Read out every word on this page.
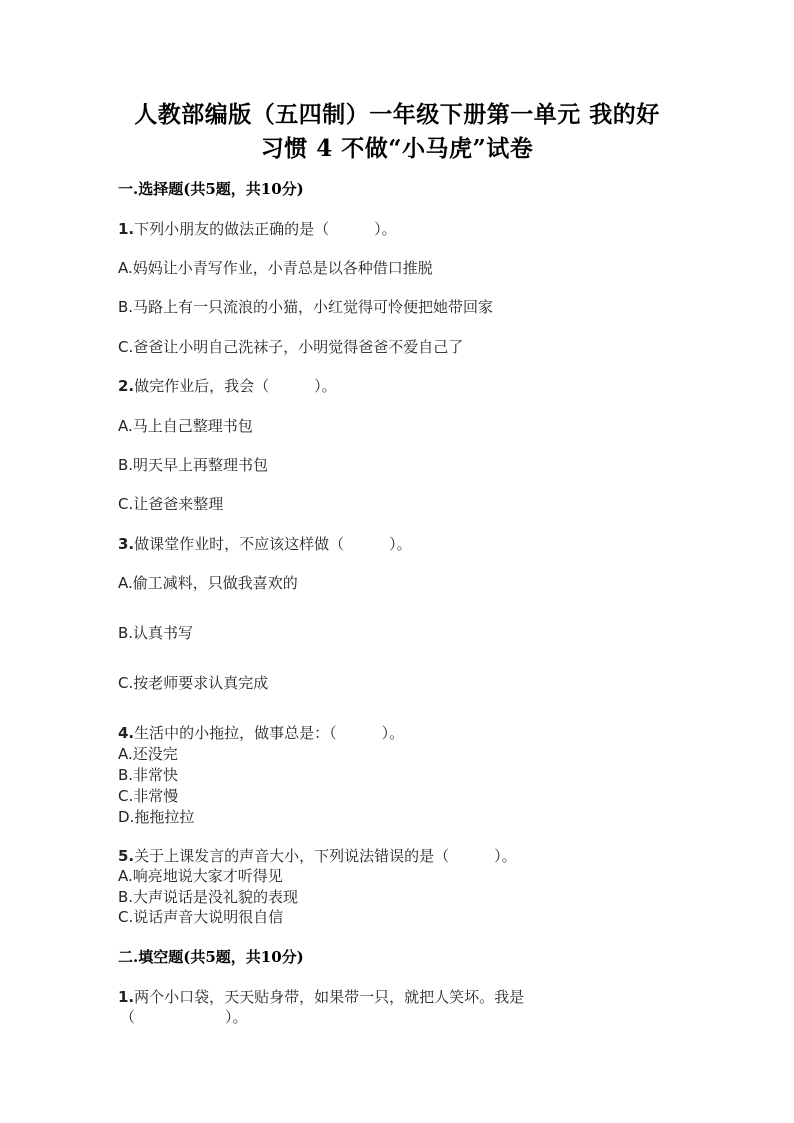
人教部编版（五四制）一年级下册第一单元 我的好
习惯 4 不做“小马虎”试卷
一.选择题(共5题，共10分)
1.下列小朋友的做法正确的是（　　　）。
A.妈妈让小青写作业，小青总是以各种借口推脱
B.马路上有一只流浪的小猫，小红觉得可怜便把她带回家
C.爸爸让小明自己洗袜子，小明觉得爸爸不爱自己了
2.做完作业后，我会（　　　）。
A.马上自己整理书包
B.明天早上再整理书包
C.让爸爸来整理
3.做课堂作业时，不应该这样做（　　　）。
A.偷工减料，只做我喜欢的
B.认真书写
C.按老师要求认真完成
4.生活中的小拖拉，做事总是：（　　　）。
A.还没完
B.非常快
C.非常慢
D.拖拖拉拉
5.关于上课发言的声音大小，下列说法错误的是（　　　）。
A.响亮地说大家才听得见
B.大声说话是没礼貌的表现
C.说话声音大说明很自信
二.填空题(共5题，共10分)
1.两个小口袋，天天贴身带，如果带一只，就把人笑坏。我是
（　　　　　　）。
